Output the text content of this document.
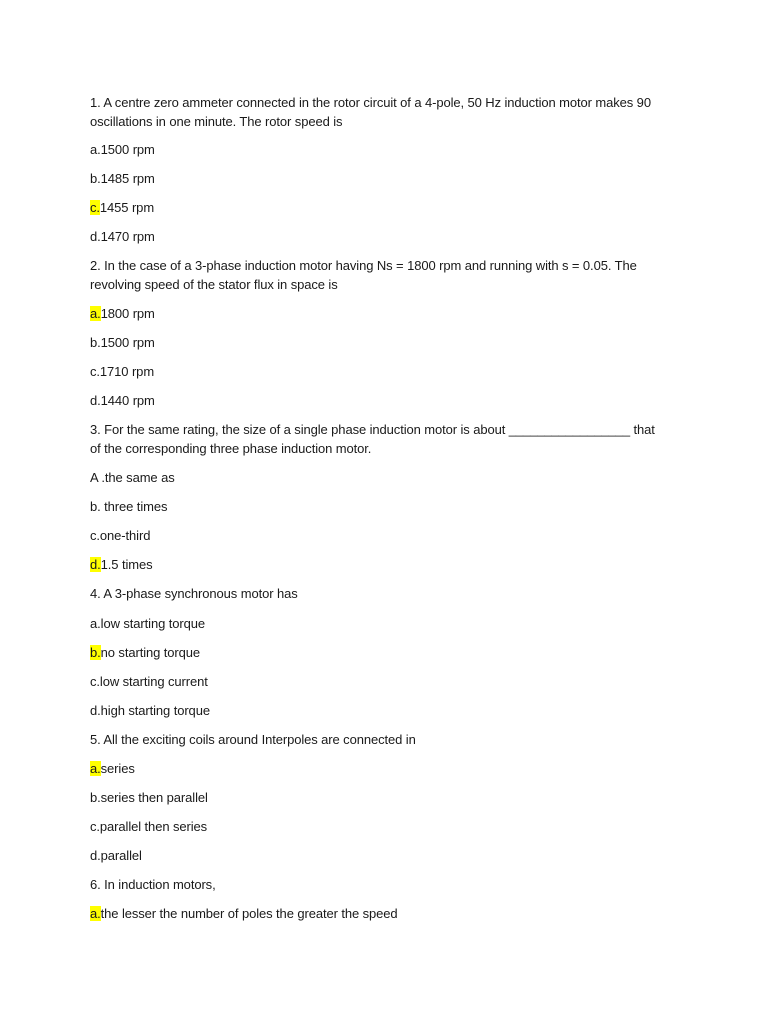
1. A centre zero ammeter connected in the rotor circuit of a 4-pole, 50 Hz induction motor makes 90 oscillations in one minute. The rotor speed is
a.1500 rpm
b.1485 rpm
c.1455 rpm
d.1470 rpm
2. In the case of a 3-phase induction motor having Ns = 1800 rpm and running with s = 0.05. The revolving speed of the stator flux in space is
a.1800 rpm
b.1500 rpm
c.1710 rpm
d.1440 rpm
3. For the same rating, the size of a single phase induction motor is about _________________ that of the corresponding three phase induction motor.
A .the same as
b. three times
c.one-third
d.1.5 times
4. A 3-phase synchronous motor has
a.low starting torque
b.no starting torque
c.low starting current
d.high starting torque
5. All the exciting coils around Interpoles are connected in
a.series
b.series then parallel
c.parallel then series
d.parallel
6. In induction motors,
a.the lesser the number of poles the greater the speed
